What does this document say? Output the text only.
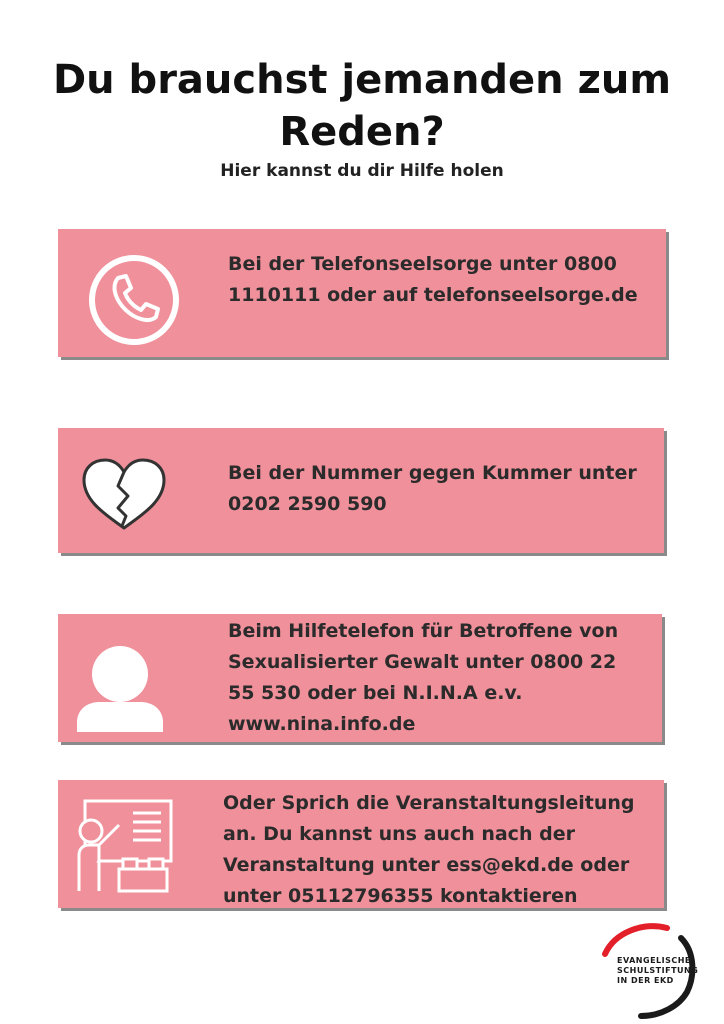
Du brauchst jemanden zum Reden?
Hier kannst du dir Hilfe holen
Bei der Telefonseelsorge unter 0800 1110111 oder auf telefonseelsorge.de
Bei der Nummer gegen Kummer unter 0202 2590 590
Beim Hilfetelefon für Betroffene von Sexualisierter Gewalt unter 0800 22 55 530 oder bei N.I.N.A e.v. www.nina.info.de
Oder Sprich die Veranstaltungsleitung an. Du kannst uns auch nach der Veranstaltung unter ess@ekd.de oder unter 05112796355 kontaktieren
EVANGELISCHE
SCHULSTIFTUNG
IN DER EKD
